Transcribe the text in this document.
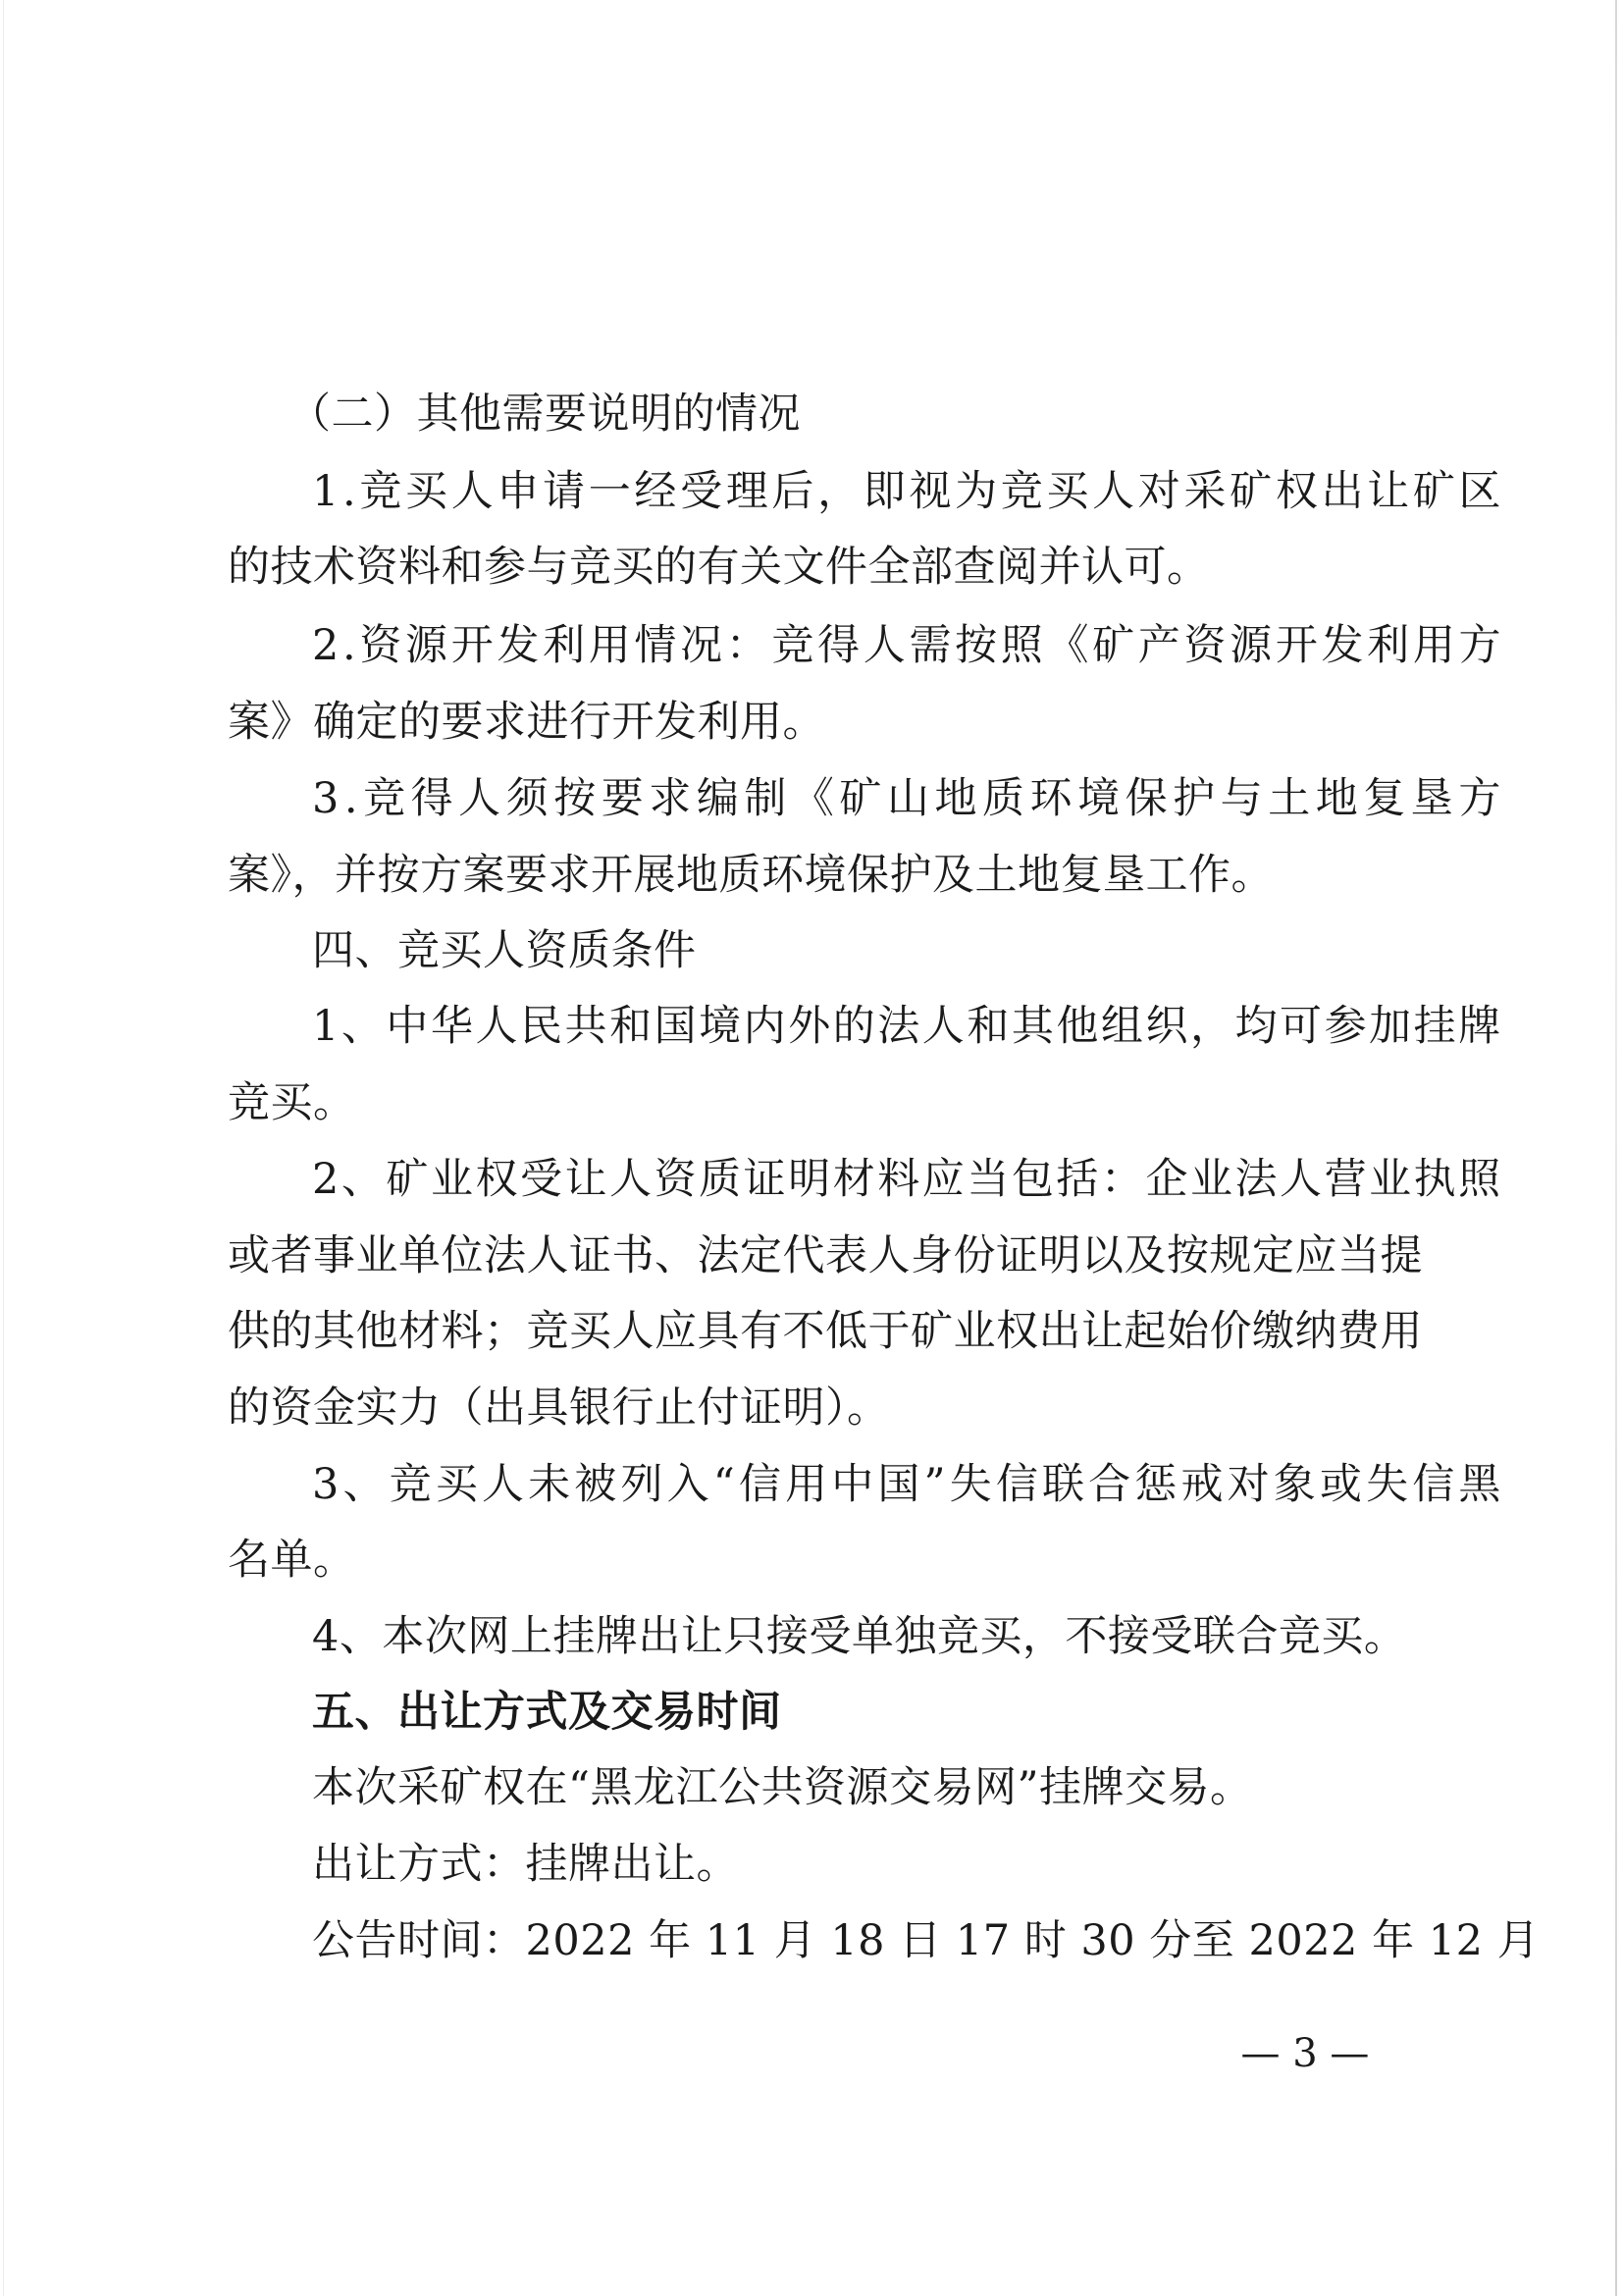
（二）其他需要说明的情况
1 . 竞 买 人 申 请 一 经 受 理 后 ， 即 视 为 竞 买 人 对 采 矿 权 出 让 矿 区
的技术资料和参与竞买的有关文件全部查阅并认可。
2 . 资 源 开 发 利 用 情 况 ： 竞 得 人 需 按 照 《 矿 产 资 源 开 发 利 用 方
案》确定的要求进行开发利用。
3 . 竞 得 人 须 按 要 求 编 制 《 矿 山 地 质 环 境 保 护 与 土 地 复 垦 方
案》，并按方案要求开展地质环境保护及土地复垦工作。
四、竞买人资质条件
1 、 中 华 人 民 共 和 国 境 内 外 的 法 人 和 其 他 组 织 ， 均 可 参 加 挂 牌
竞买。
2 、 矿 业 权 受 让 人 资 质 证 明 材 料 应 当 包 括 ： 企 业 法 人 营 业 执 照
或 者 事 业 单 位 法 人 证 书 、 法 定 代 表 人 身 份 证 明 以 及 按 规 定 应 当 提
供 的 其 他 材 料 ； 竞 买 人 应 具 有 不 低 于 矿 业 权 出 让 起 始 价 缴 纳 费 用
的资金实力（出具银行止付证明）。
3 、 竞 买 人 未 被 列 入 “ 信 用 中 国 ” 失 信 联 合 惩 戒 对 象 或 失 信 黑
名单。
4、本次网上挂牌出让只接受单独竞买，不接受联合竞买。
五、出让方式及交易时间
本次采矿权在“黑龙江公共资源交易网”挂牌交易。
出让方式：挂牌出让。
公告时间：2022 年 11 月 18 日 17 时 30 分至 2022 年 12 月
— 3 —
